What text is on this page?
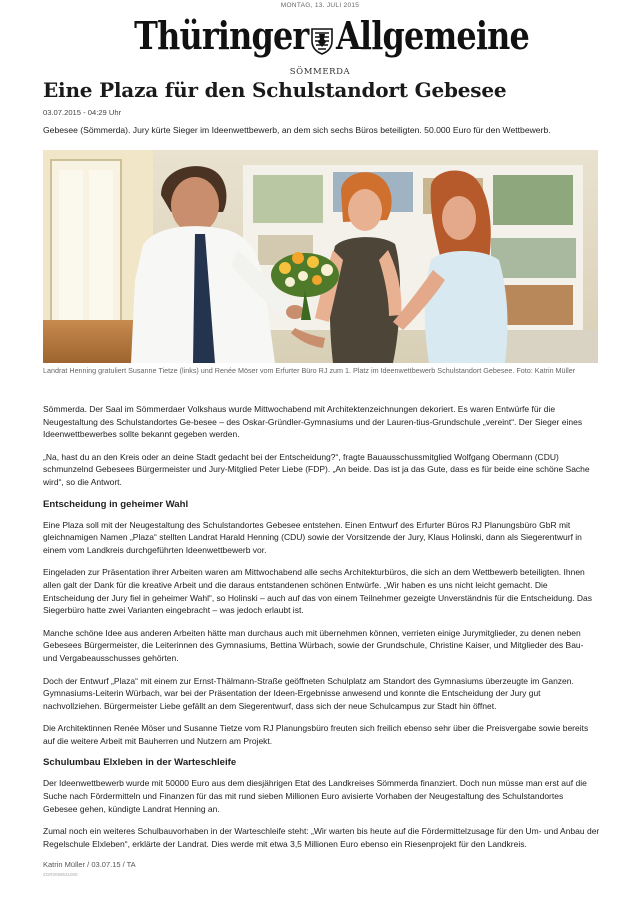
MONTAG, 13. JULI 2015
Thüringer Allgemeine
SÖMMERDA
Eine Plaza für den Schulstandort Gebesee
03.07.2015 - 04:29 Uhr
Gebesee (Sömmerda). Jury kürte Sieger im Ideenwettbewerb, an dem sich sechs Büros beteiligten. 50.000 Euro für den Wettbewerb.
Landrat Henning gratuliert Susanne Tietze (links) und Renée Möser vom Erfurter Büro RJ zum 1. Platz im Ideenwettbewerb Schulstandort Gebesee. Foto: Katrin Müller

Sömmerda. Der Saal im Sömmerdaer Volkshaus wurde Mittwochabend mit Architektenzeichnungen dekoriert. Es waren Entwürfe für die Neugestaltung des Schulstandortes Ge-besee – des Oskar-Gründler-Gymnasiums und der Lauren-tius-Grundschule „vereint“. Der Sieger eines Ideenwettbewerbes sollte bekannt gegeben werden.

„Na, hast du an den Kreis oder an deine Stadt gedacht bei der Entscheidung?“, fragte Bauausschussmitglied Wolfgang Obermann (CDU) schmunzelnd Gebesees Bürgermeister und Jury-Mitglied Peter Liebe (FDP). „An beide. Das ist ja das Gute, dass es für beide eine schöne Sache wird“, so die Antwort.

Entscheidung in geheimer Wahl

Eine Plaza soll mit der Neugestaltung des Schulstandortes Gebesee entstehen. Einen Entwurf des Erfurter Büros RJ Planungsbüro GbR mit gleichnamigen Namen „Plaza“ stellten Landrat Harald Henning (CDU) sowie der Vorsitzende der Jury, Klaus Holinski, dann als Siegerentwurf in einem vom Landkreis durchgeführten Ideenwettbewerb vor.

Eingeladen zur Präsentation ihrer Arbeiten waren am Mittwochabend alle sechs Architekturbüros, die sich an dem Wettbewerb beteiligten. Ihnen allen galt der Dank für die kreative Arbeit und die daraus entstandenen schönen Entwürfe. „Wir haben es uns nicht leicht gemacht. Die Entscheidung der Jury fiel in geheimer Wahl“, so Holinski – auch auf das von einem Teilnehmer gezeigte Unverständnis für die Entscheidung. Das Siegerbüro hatte zwei Varianten eingebracht – was jedoch erlaubt ist.

Manche schöne Idee aus anderen Arbeiten hätte man durchaus auch mit übernehmen können, verrieten einige Jurymitglieder, zu denen neben Gebesees Bürgermeister, die Leiterinnen des Gymnasiums, Bettina Würbach, sowie der Grundschule, Christine Kaiser, und Mitglieder des Bau- und Vergabeausschusses gehörten.

Doch der Entwurf „Plaza“ mit einem zur Ernst-Thälmann-Straße geöffneten Schulplatz am Standort des Gymnasiums überzeugte im Ganzen. Gymnasiums-Leiterin Würbach, war bei der Präsentation der Ideen-Ergebnisse anwesend und konnte die Entscheidung der Jury gut nachvollziehen. Bürgermeister Liebe gefällt an dem Siegerentwurf, dass sich der neue Schulcampus zur Stadt hin öffnet.

Die Architektinnen Renée Möser und Susanne Tietze vom RJ Planungsbüro freuten sich freilich ebenso sehr über die Preisvergabe sowie bereits auf die weitere Arbeit mit Bauherren und Nutzern am Projekt.

Schulumbau Elxleben in der Warteschleife

Der Ideenwettbewerb wurde mit 50000 Euro aus dem diesjährigen Etat des Landkreises Sömmerda finanziert. Doch nun müsse man erst auf die Suche nach Fördermitteln und Finanzen für das mit rund sieben Millionen Euro avisierte Vorhaben der Neugestaltung des Schulstandortes Gebesee gehen, kündigte Landrat Henning an.

Zumal noch ein weiteres Schulbauvorhaben in der Warteschleife steht: „Wir warten bis heute auf die Fördermittelzusage für den Um- und Anbau der Regelschule Elxleben“, erklärte der Landrat. Dies werde mit etwa 3,5 Millionen Euro ebenso ein Riesenprojekt für den Landkreis.

Katrin Müller / 03.07.15 / TA
ZGR0059531000
